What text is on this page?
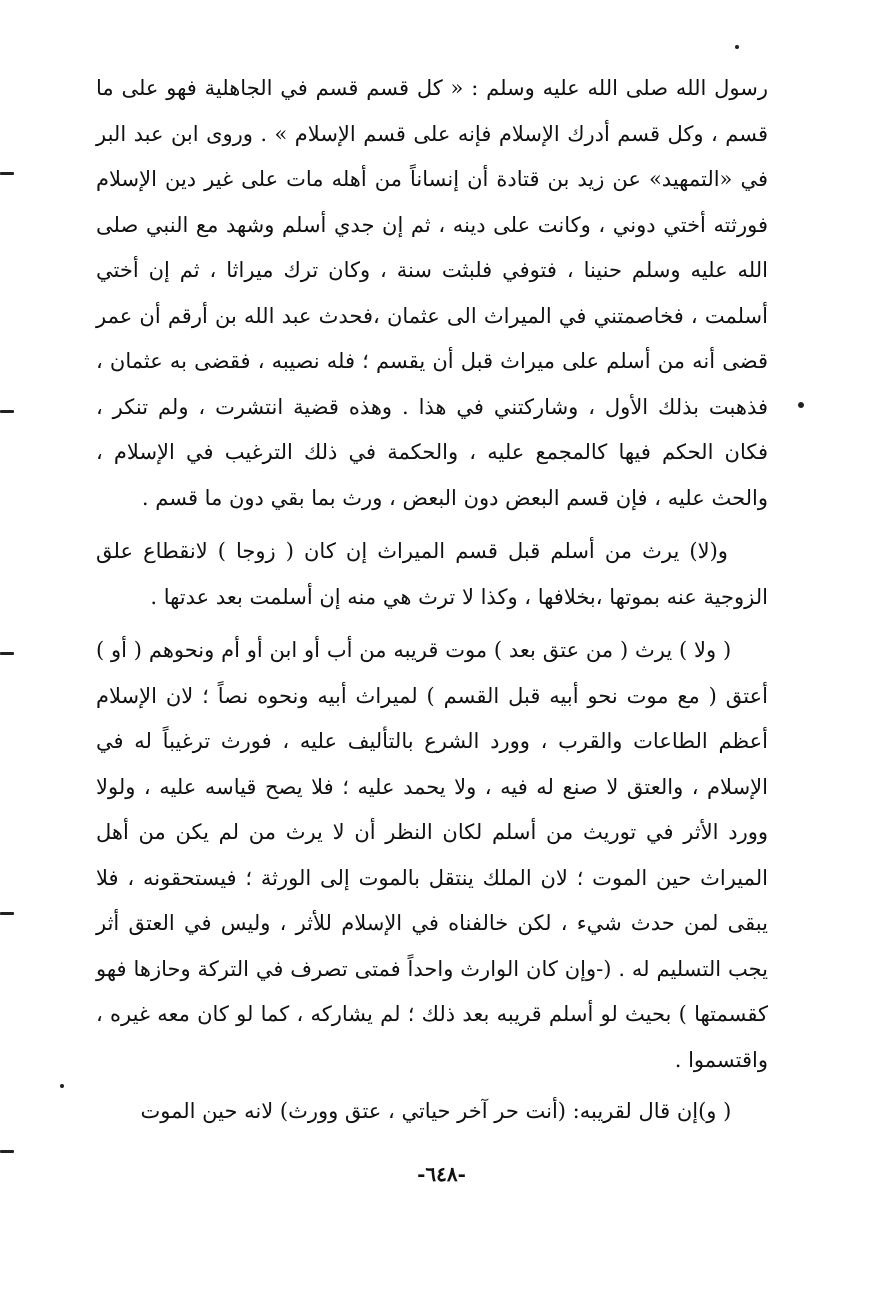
رسول الله صلى الله عليه وسلم : « كل قسم قسم في الجاهلية فهو على ما قسم ، وكل قسم أدرك الإسلام فإنه على قسم الإسلام » . وروى ابن عبد البر في «التمهيد» عن زيد بن قتادة أن إنساناً من أهله مات على غير دين الإسلام فورثته أختي دوني ، وكانت على دينه ، ثم إن جدي أسلم وشهد مع النبي صلى الله عليه وسلم حنينا ، فتوفي فلبثت سنة ، وكان ترك ميراثا ، ثم إن أختي أسلمت ، فخاصمتني في الميراث الى عثمان ،فحدث عبد الله بن أرقم أن عمر قضى أنه من أسلم على ميراث قبل أن يقسم ؛ فله نصيبه ، فقضى به عثمان ، فذهبت بذلك الأول ، وشاركتني في هذا . وهذه قضية انتشرت ، ولم تنكر ، فكان الحكم فيها كالمجمع عليه ، والحكمة في ذلك الترغيب في الإسلام ، والحث عليه ، فإن قسم البعض دون البعض ، ورث بما بقي دون ما قسم .

و(لا) يرث من أسلم قبل قسم الميراث إن كان ( زوجا ) لانقطاع علق الزوجية عنه بموتها ،بخلافها ، وكذا لا ترث هي منه إن أسلمت بعد عدتها .

( ولا ) يرث ( من عتق بعد ) موت قريبه من أب أو ابن أو أم ونحوهم ( أو ) أعتق ( مع موت نحو أبيه قبل القسم ) لميراث أبيه ونحوه نصاً ؛ لان الإسلام أعظم الطاعات والقرب ، وورد الشرع بالتأليف عليه ، فورث ترغيباً له في الإسلام ، والعتق لا صنع له فيه ، ولا يحمد عليه ؛ فلا يصح قياسه عليه ، ولولا وورد الأثر في توريث من أسلم لكان النظر أن لا يرث من لم يكن من أهل الميراث حين الموت ؛ لان الملك ينتقل بالموت إلى الورثة ؛ فيستحقونه ، فلا يبقى لمن حدث شيء ، لكن خالفناه في الإسلام للأثر ، وليس في العتق أثر يجب التسليم له . (-وإن كان الوارث واحداً فمتى تصرف في التركة وحازها فهو كقسمتها ) بحيث لو أسلم قريبه بعد ذلك ؛ لم يشاركه ، كما لو كان معه غيره ، واقتسموا .

( و)إن قال لقريبه: (أنت حر آخر حياتي ، عتق وورث) لانه حين الموت

-٦٤٨-
